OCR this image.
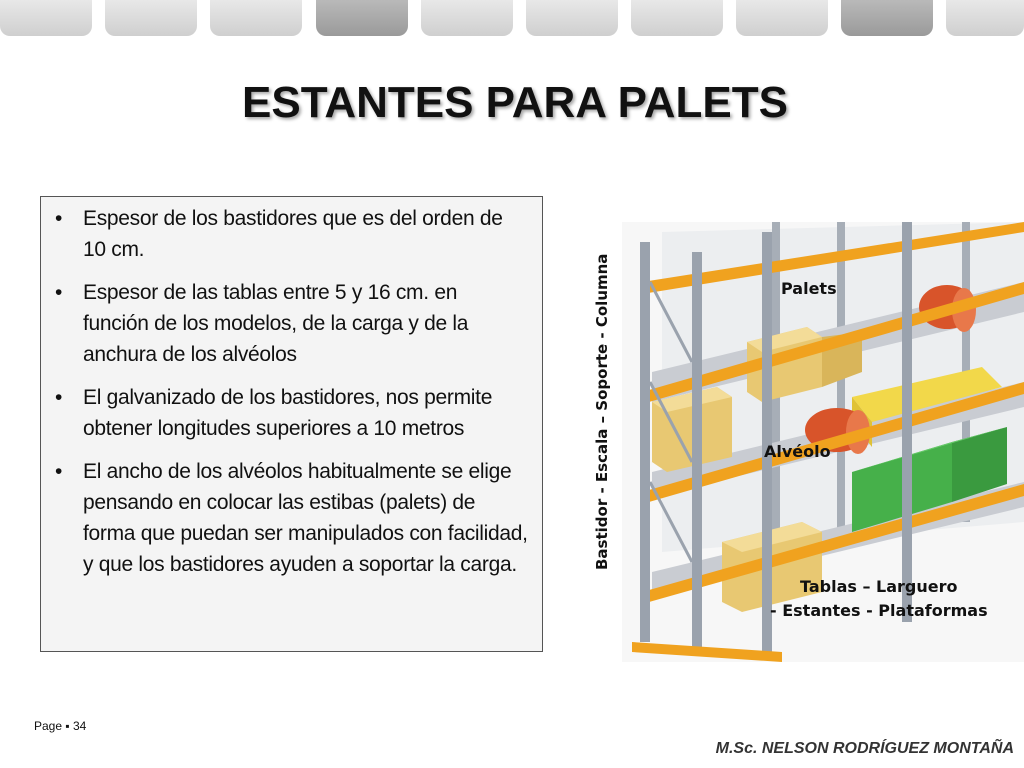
ESTANTES PARA PALETS
• Espesor de los bastidores que es del orden de 10 cm.
• Espesor de las tablas entre 5 y 16 cm. en función de los modelos, de la carga y de la anchura de los alvéolos
• El galvanizado de los bastidores, nos permite obtener longitudes superiores a 10 metros
• El ancho de los alvéolos habitualmente se elige pensando en colocar las estibas (palets) de forma que puedan ser manipulados con facilidad, y que los bastidores ayuden a soportar la carga.	Bastidor - Escala – Soporte - Columna	Palets
Alvéolo
Tablas – Larguero
- Estantes - Plataformas
Page ▪ 34
M.Sc. NELSON RODRÍGUEZ MONTAÑA
